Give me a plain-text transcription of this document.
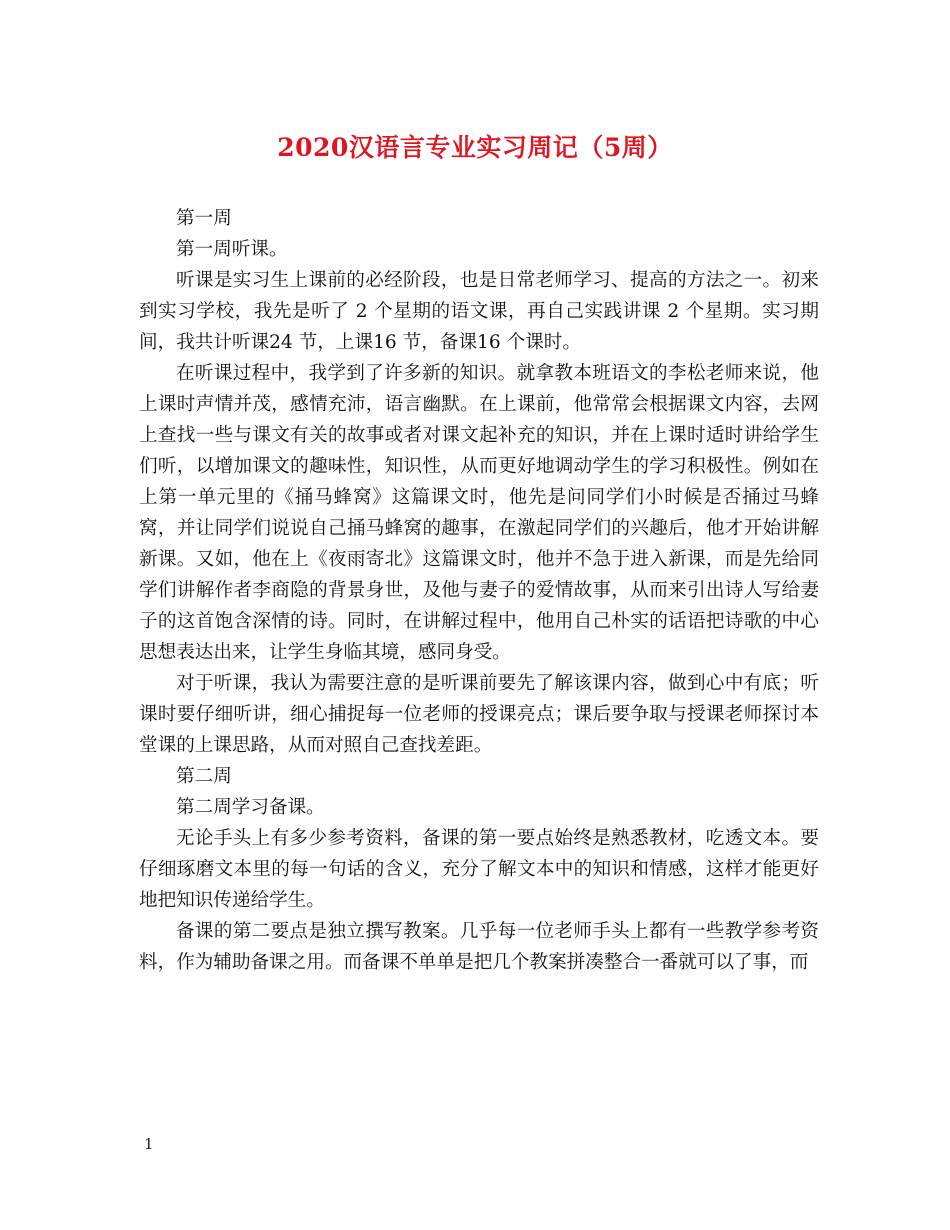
2020汉语言专业实习周记（5周）

第一周

第一周听课。

听课是实习生上课前的必经阶段，也是日常老师学习、提高的方法之一。初来到实习学校，我先是听了 2 个星期的语文课，再自己实践讲课 2 个星期。实习期间，我共计听课24 节，上课16 节，备课16 个课时。

在听课过程中，我学到了许多新的知识。就拿教本班语文的李松老师来说，他上课时声情并茂，感情充沛，语言幽默。在上课前，他常常会根据课文内容，去网上查找一些与课文有关的故事或者对课文起补充的知识，并在上课时适时讲给学生们听，以增加课文的趣味性，知识性，从而更好地调动学生的学习积极性。例如在上第一单元里的《捅马蜂窝》这篇课文时，他先是问同学们小时候是否捅过马蜂窝，并让同学们说说自己捅马蜂窝的趣事，在激起同学们的兴趣后，他才开始讲解新课。又如，他在上《夜雨寄北》这篇课文时，他并不急于进入新课，而是先给同学们讲解作者李商隐的背景身世，及他与妻子的爱情故事，从而来引出诗人写给妻子的这首饱含深情的诗。同时，在讲解过程中，他用自己朴实的话语把诗歌的中心思想表达出来，让学生身临其境，感同身受。

对于听课，我认为需要注意的是听课前要先了解该课内容，做到心中有底；听课时要仔细听讲，细心捕捉每一位老师的授课亮点；课后要争取与授课老师探讨本堂课的上课思路，从而对照自己查找差距。

第二周

第二周学习备课。

无论手头上有多少参考资料，备课的第一要点始终是熟悉教材，吃透文本。要仔细琢磨文本里的每一句话的含义，充分了解文本中的知识和情感，这样才能更好地把知识传递给学生。

备课的第二要点是独立撰写教案。几乎每一位老师手头上都有一些教学参考资料，作为辅助备课之用。而备课不单单是把几个教案拼凑整合一番就可以了事，而

1
